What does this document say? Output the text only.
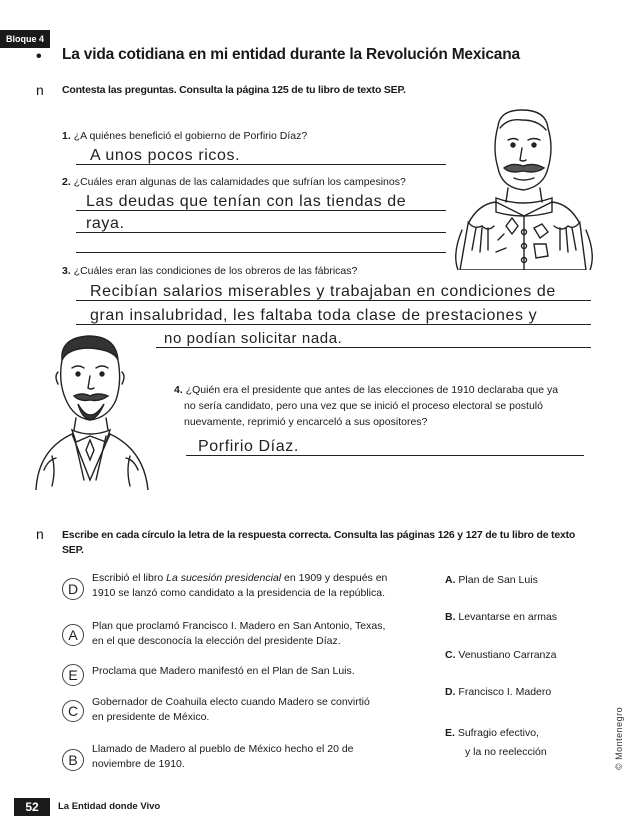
Bloque 4
• La vida cotidiana en mi entidad durante la Revolución Mexicana
n Contesta las preguntas. Consulta la página 125 de tu libro de texto SEP.
1. ¿A quiénes benefició el gobierno de Porfirio Díaz?
A unos pocos ricos.
2. ¿Cuáles eran algunas de las calamidades que sufrían los campesinos?
Las deudas que tenían con las tiendas de
raya.
3. ¿Cuáles eran las condiciones de los obreros de las fábricas?
Recibían salarios miserables y trabajaban en condiciones de
gran insalubridad, les faltaba toda clase de prestaciones y
no podían solicitar nada.
4. ¿Quién era el presidente que antes de las elecciones de 1910 declaraba que ya
no sería candidato, pero una vez que se inició el proceso electoral se postuló
nuevamente, reprimió y encarceló a sus opositores?
Porfirio Díaz.
n Escribe en cada círculo la letra de la respuesta correcta. Consulta las páginas 126 y 127 de tu libro de texto
SEP.
D
Escribió el libro La sucesión presidencial en 1909 y después en
1910 se lanzó como candidato a la presidencia de la república.
A
Plan que proclamó Francisco I. Madero en San Antonio, Texas,
en el que desconocía la elección del presidente Díaz.
E	Proclama que Madero manifestó en el Plan de San Luis.
C
Gobernador de Coahuila electo cuando Madero se convirtió
en presidente de México.
B
Llamado de Madero al pueblo de México hecho el 20 de
noviembre de 1910.
A. Plan de San Luis
B. Levantarse en armas
C. Venustiano Carranza
D. Francisco I. Madero
E. Sufragio efectivo,
y la no reelección	© Montenegro
52	La Entidad donde Vivo
